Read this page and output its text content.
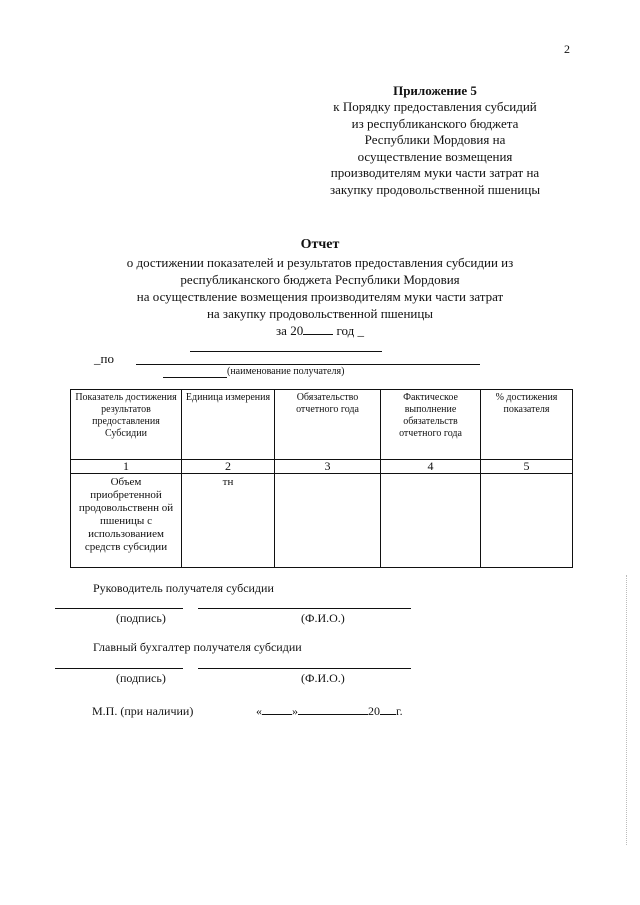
2
Приложение 5
к Порядку предоставления субсидий
из республиканского бюджета
Республики Мордовия на
осуществление возмещения
производителям муки части затрат на
закупку продовольственной пшеницы
Отчет
о достижении показателей и результатов предоставления субсидии из
республиканского бюджета Республики Мордовия
на осуществление возмещения производителям муки части затрат
на закупку продовольственной пшеницы
за 20	год _
_по
(наименование получателя)
Показатель достижения результатов предоставления Субсидии	Единица измерения	Обязательство отчетного года	Фактическое выполнение обязательств отчетного года	% достижения показателя
1	2	3	4	5
Объем приобретенной продовольственн ой пшеницы с использованием средств субсидии	тн			
Руководитель получателя субсидии
(подпись)	(Ф.И.О.)
Главный бухгалтер получателя субсидии
(подпись)	(Ф.И.О.)
М.П. (при наличии)	«	»	20 г.
